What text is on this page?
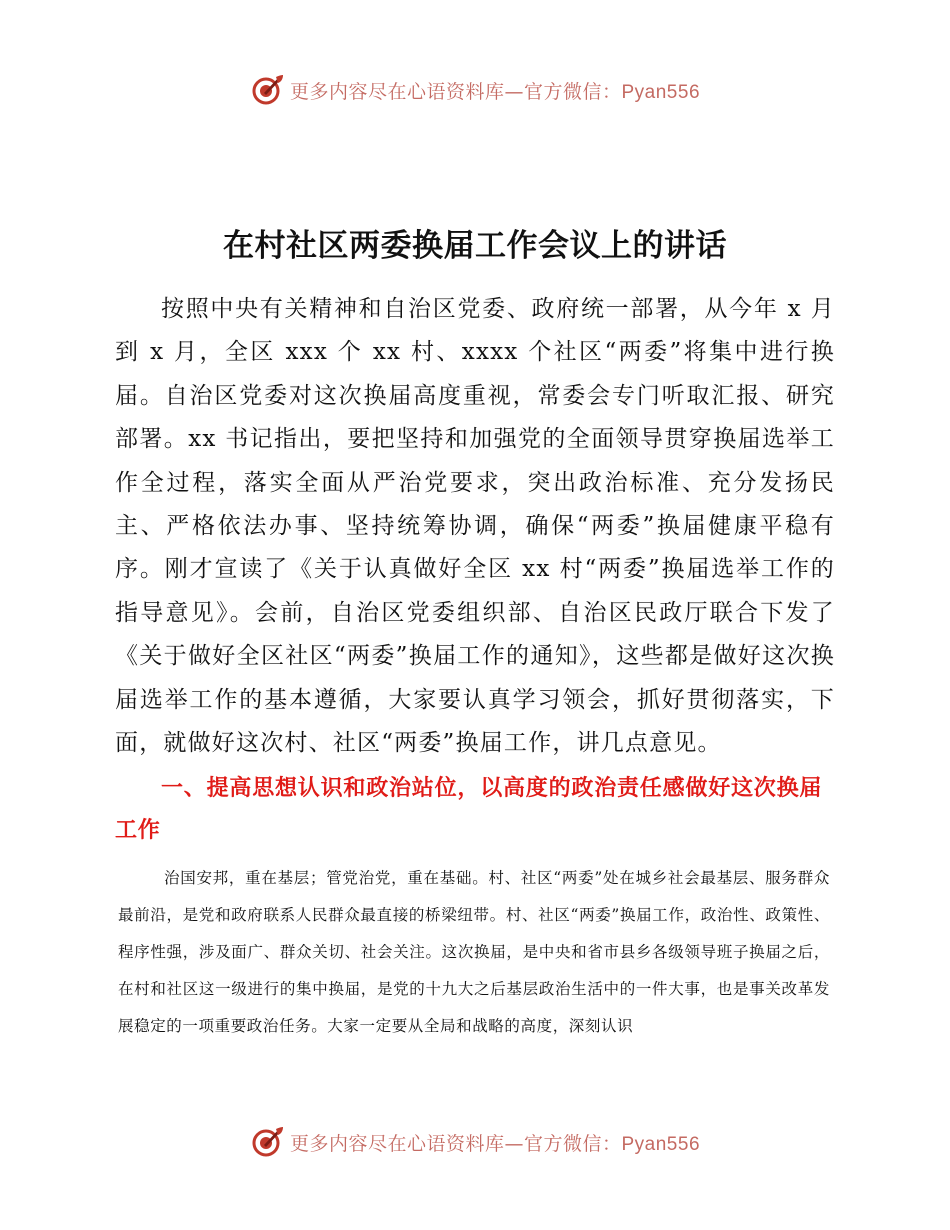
更多内容尽在心语资料库—官方微信：Pyan556
在村社区两委换届工作会议上的讲话

按照中央有关精神和自治区党委、政府统一部署，从今年 x 月到 x 月，全区 xxx 个 xx 村、xxxx 个社区“两委”将集中进行换届。自治区党委对这次换届高度重视，常委会专门听取汇报、研究部署。xx 书记指出，要把坚持和加强党的全面领导贯穿换届选举工作全过程，落实全面从严治党要求，突出政治标准、充分发扬民主、严格依法办事、坚持统筹协调，确保“两委”换届健康平稳有序。刚才宣读了《关于认真做好全区 xx 村“两委”换届选举工作的指导意见》。会前，自治区党委组织部、自治区民政厅联合下发了《关于做好全区社区“两委”换届工作的通知》，这些都是做好这次换届选举工作的基本遵循，大家要认真学习领会，抓好贯彻落实，下面，就做好这次村、社区“两委”换届工作，讲几点意见。

一、提高思想认识和政治站位，以高度的政治责任感做好这次换届工作

治国安邦，重在基层；管党治党，重在基础。村、社区“两委”处在城乡社会最基层、服务群众最前沿，是党和政府联系人民群众最直接的桥梁纽带。村、社区“两委”换届工作，政治性、政策性、程序性强，涉及面广、群众关切、社会关注。这次换届，是中央和省市县乡各级领导班子换届之后，在村和社区这一级进行的集中换届，是党的十九大之后基层政治生活中的一件大事，也是事关改革发展稳定的一项重要政治任务。大家一定要从全局和战略的高度，深刻认识

更多内容尽在心语资料库—官方微信：Pyan556
